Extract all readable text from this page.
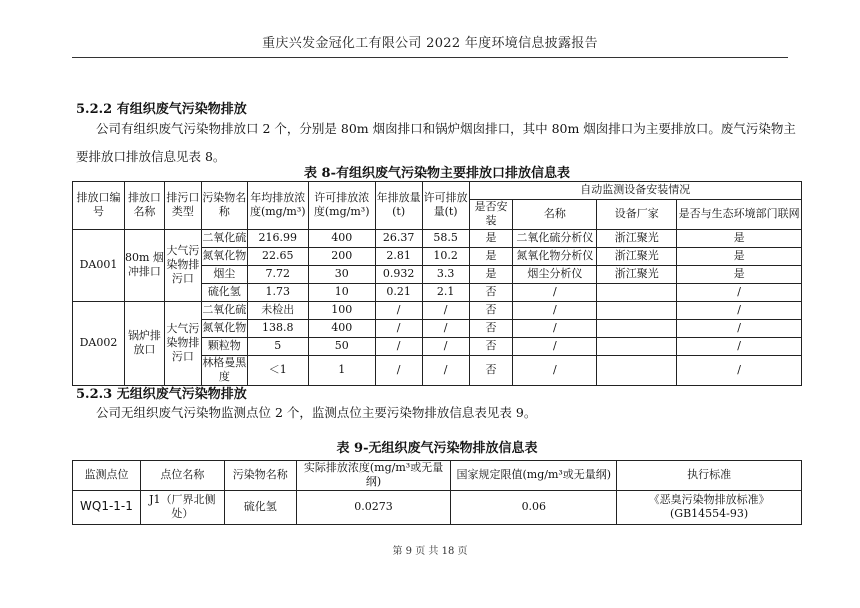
重庆兴发金冠化工有限公司 2022 年度环境信息披露报告
5.2.2 有组织废气污染物排放
公司有组织废气污染物排放口 2 个，分别是 80m 烟囱排口和锅炉烟囱排口，其中 80m 烟囱排口为主要排放口。废气污染物主要排放口排放信息见表 8。
表 8-有组织废气污染物主要排放口排放信息表
排放口编号	排放口名称	排污口类型	污染物名称	年均排放浓度(mg/m³)	许可排放浓度(mg/m³)	年排放量(t)	许可排放量(t)	自动监测设备安装情况			
								是否安装	名称	设备厂家	是否与生态环境部门联网
DA001	80m 烟冲排口	大气污染物排污口	二氧化硫	216.99	400	26.37	58.5	是	二氧化硫分析仪	浙江聚光	是
			氮氧化物	22.65	200	2.81	10.2	是	氮氧化物分析仪	浙江聚光	是
			烟尘	7.72	30	0.932	3.3	是	烟尘分析仪	浙江聚光	是
			硫化氢	1.73	10	0.21	2.1	否	/		/
DA002	锅炉排放口	大气污染物排污口	二氧化硫	未检出	100	/	/	否	/		/
			氮氧化物	138.8	400	/	/	否	/		/
			颗粒物	5	50	/	/	否	/		/
			林格曼黑度	＜1	1	/	/	否	/		/
5.2.3 无组织废气污染物排放
公司无组织废气污染物监测点位 2 个，监测点位主要污染物排放信息表见表 9。
表 9-无组织废气污染物排放信息表
监测点位	点位名称	污染物名称	实际排放浓度(mg/m³或无量纲)	国家规定限值(mg/m³或无量纲)	执行标准
WQ1-1-1	J1（厂界北侧处）	硫化氢	0.0273	0.06	《恶臭污染物排放标准》
(GB14554-93)
第 9 页 共 18 页
